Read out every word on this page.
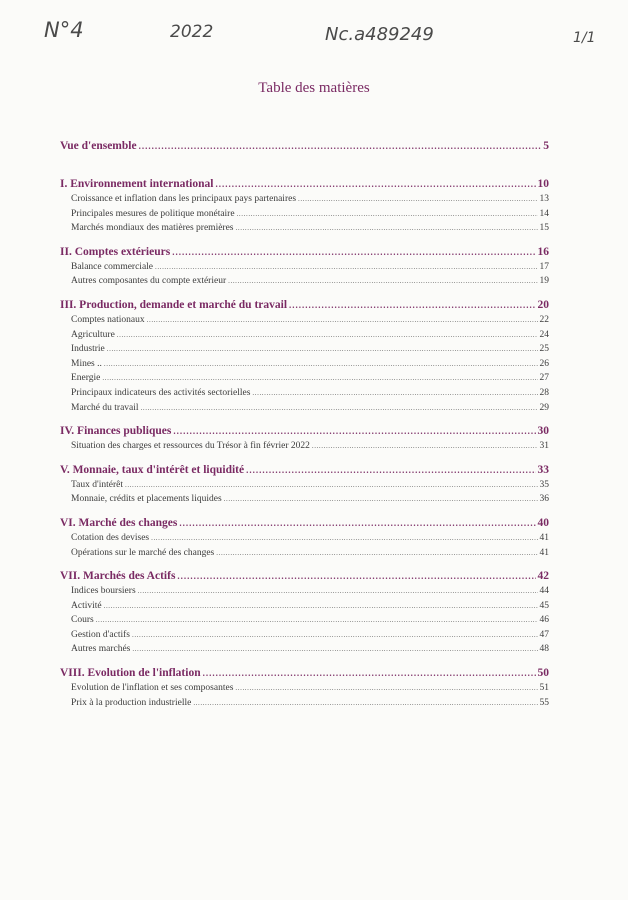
N°4	2022	Nc.a489249	1/1
Table des matières
Vue d'ensemble .....	5
I. Environnement international .....	10
Croissance et inflation dans les principaux pays partenaires .....	13
Principales mesures de politique monétaire .....	14
Marchés mondiaux des matières premières .....	15
II. Comptes extérieurs .....	16
Balance commerciale .....	17
Autres composantes du compte extérieur .....	19
III. Production, demande et marché du travail .....	20
Comptes nationaux .....	22
Agriculture .....	24
Industrie .....	25
Mines .. .....	26
Energie .....	27
Principaux indicateurs des activités sectorielles .....	28
Marché du travail .....	29
IV. Finances publiques .....	30
Situation des charges et ressources du Trésor à fin février 2022 .....	31
V. Monnaie, taux d'intérêt et liquidité .....	33
Taux d'intérêt .....	35
Monnaie, crédits et placements liquides .....	36
VI. Marché des changes .....	40
Cotation des devises .....	41
Opérations sur le marché des changes .....	41
VII. Marchés des Actifs .....	42
Indices boursiers .....	44
Activité .....	45
Cours .....	46
Gestion d'actifs .....	47
Autres marchés .....	48
VIII. Evolution de l'inflation .....	50
Evolution de l'inflation et ses composantes .....	51
Prix à la production industrielle .....	55
